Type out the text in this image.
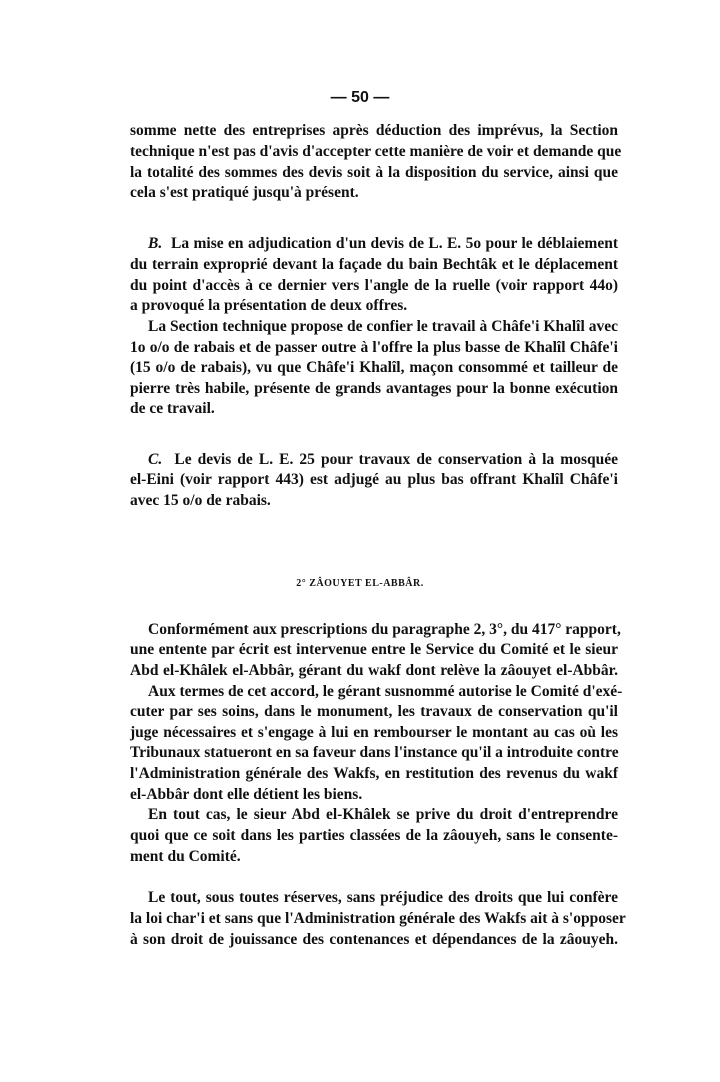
— 50 —
somme nette des entreprises après déduction des imprévus, la Section
technique n'est pas d'avis d'accepter cette manière de voir et demande que
la totalité des sommes des devis soit à la disposition du service, ainsi que
cela s'est pratiqué jusqu'à présent.
B. La mise en adjudication d'un devis de L. E. 5o pour le déblaiement
du terrain exproprié devant la façade du bain Bechtâk et le déplacement
du point d'accès à ce dernier vers l'angle de la ruelle (voir rapport 44o)
a provoqué la présentation de deux offres.
La Section technique propose de confier le travail à Châfe'i Khalîl avec
1o o/o de rabais et de passer outre à l'offre la plus basse de Khalîl Châfe'i
(15 o/o de rabais), vu que Châfe'i Khalîl, maçon consommé et tailleur de
pierre très habile, présente de grands avantages pour la bonne exécution
de ce travail.
C. Le devis de L. E. 25 pour travaux de conservation à la mosquée
el-Eini (voir rapport 443) est adjugé au plus bas offrant Khalîl Châfe'i
avec 15 o/o de rabais.
2° ZÂOUYET EL-ABBÂR.
Conformément aux prescriptions du paragraphe 2, 3°, du 417° rapport,
une entente par écrit est intervenue entre le Service du Comité et le sieur
Abd el-Khâlek el-Abbâr, gérant du wakf dont relève la zâouyet el-Abbâr.
Aux termes de cet accord, le gérant susnommé autorise le Comité d'exé-
cuter par ses soins, dans le monument, les travaux de conservation qu'il
juge nécessaires et s'engage à lui en rembourser le montant au cas où les
Tribunaux statueront en sa faveur dans l'instance qu'il a introduite contre
l'Administration générale des Wakfs, en restitution des revenus du wakf
el-Abbâr dont elle détient les biens.
En tout cas, le sieur Abd el-Khâlek se prive du droit d'entreprendre
quoi que ce soit dans les parties classées de la zâouyeh, sans le consente-
ment du Comité.
Le tout, sous toutes réserves, sans préjudice des droits que lui confère
la loi char'i et sans que l'Administration générale des Wakfs ait à s'opposer
à son droit de jouissance des contenances et dépendances de la zâouyeh.
